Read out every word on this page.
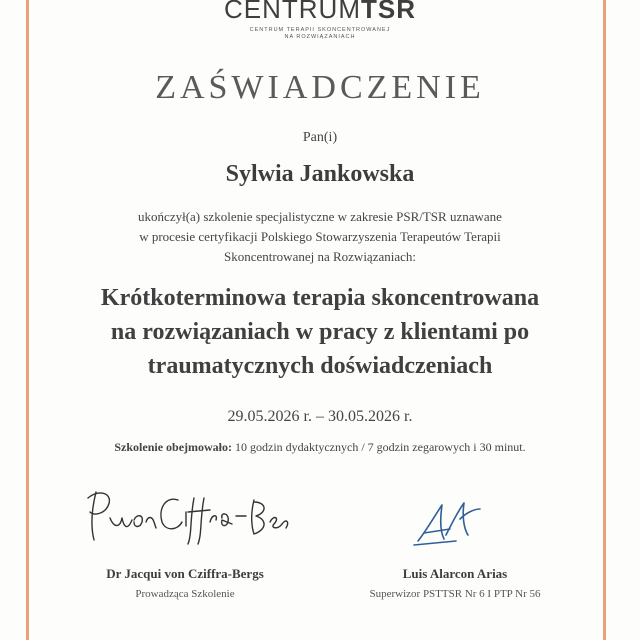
CENTRUMTSR
CENTRUM TERAPII SKONCENTROWANEJ
NA ROZWIĄZANIACH
ZAŚWIADCZENIE
Pan(i)
Sylwia Jankowska
ukończył(a) szkolenie specjalistyczne w zakresie PSR/TSR uznawane
w procesie certyfikacji Polskiego Stowarzyszenia Terapeutów Terapii
Skoncentrowanej na Rozwiązaniach:
Krótkoterminowa terapia skoncentrowana
na rozwiązaniach w pracy z klientami po
traumatycznych doświadczeniach
29.05.2026 r. – 30.05.2026 r.
Szkolenie obejmowało: 10 godzin dydaktycznych / 7 godzin zegarowych i 30 minut.
Dr Jacqui von Cziffra-Bergs
Prowadząca Szkolenie
Luis Alarcon Arias
Superwizor PSTTSR Nr 6 I PTP Nr 56
